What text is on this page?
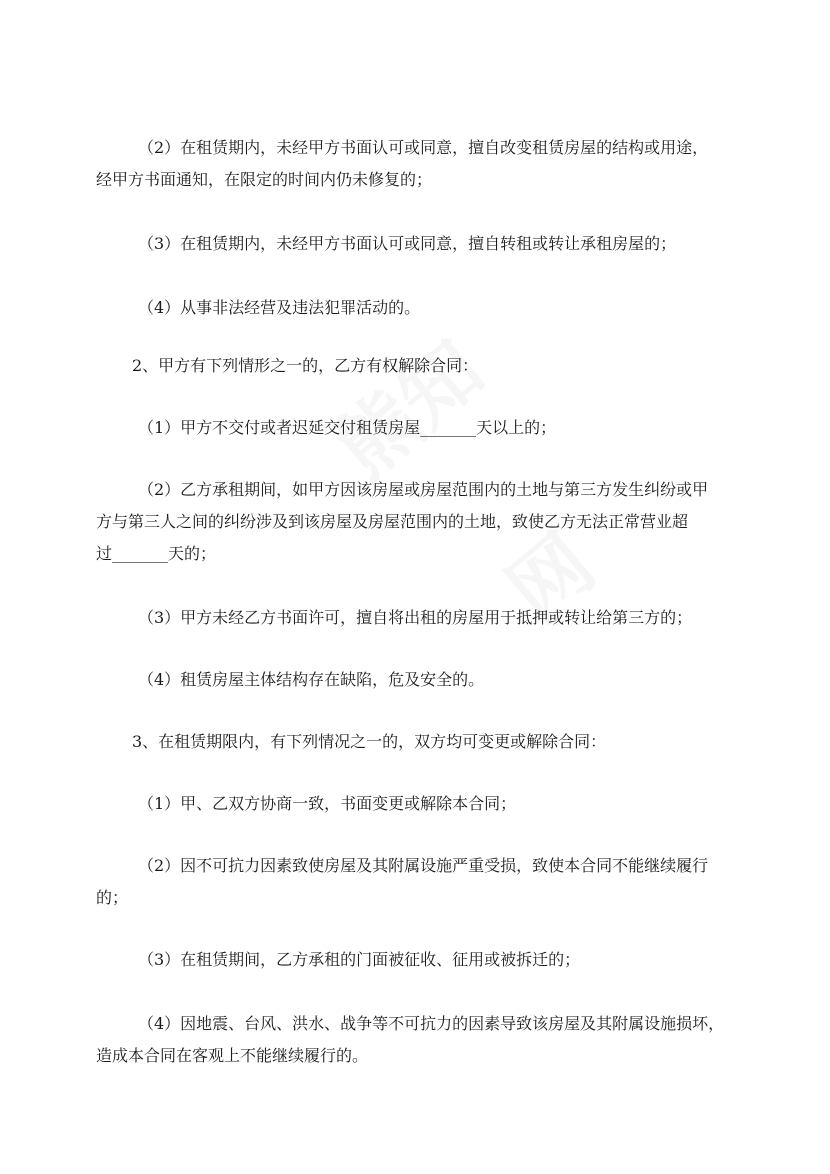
（2）在租赁期内，未经甲方书面认可或同意，擅自改变租赁房屋的结构或用途，
经甲方书面通知，在限定的时间内仍未修复的；

（3）在租赁期内，未经甲方书面认可或同意，擅自转租或转让承租房屋的；

（4）从事非法经营及违法犯罪活动的。

2、甲方有下列情形之一的，乙方有权解除合同：

（1）甲方不交付或者迟延交付租赁房屋_______天以上的；

（2）乙方承租期间，如甲方因该房屋或房屋范围内的土地与第三方发生纠纷或甲
方与第三人之间的纠纷涉及到该房屋及房屋范围内的土地，致使乙方无法正常营业超
过_______天的；

（3）甲方未经乙方书面许可，擅自将出租的房屋用于抵押或转让给第三方的；

（4）租赁房屋主体结构存在缺陷，危及安全的。

3、在租赁期限内，有下列情况之一的，双方均可变更或解除合同：

（1）甲、乙双方协商一致，书面变更或解除本合同；

（2）因不可抗力因素致使房屋及其附属设施严重受损，致使本合同不能继续履行
的；

（3）在租赁期间，乙方承租的门面被征收、征用或被拆迁的；

（4）因地震、台风、洪水、战争等不可抗力的因素导致该房屋及其附属设施损坏，
造成本合同在客观上不能继续履行的。
